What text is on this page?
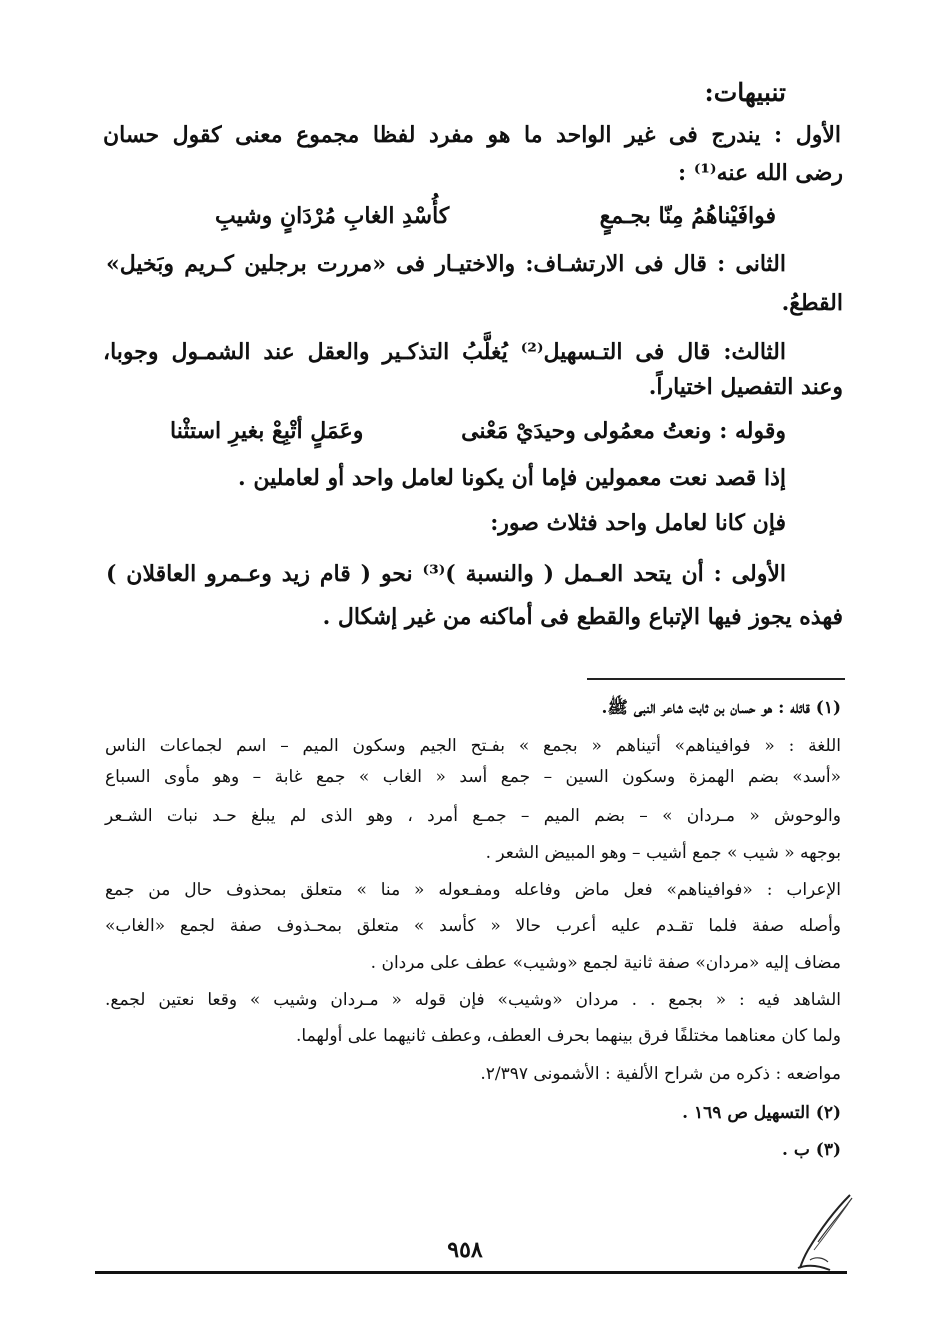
تنبيهات:
الأول : يندرج فى غير الواحد ما هو مفرد لفظا مجموع معنى كقول حسان
رضى الله عنه⁽¹⁾ :
فوافَيْناهُمُ مِنّا بجـمعٍ
كأُسْدِ الغابِ مُرْدَانٍ وشيبِ
الثانى : قال فى الارتشـاف: والاختيـار فى «مررت برجلين كـريم وبَخيل»
القطعُ.
الثالث: قال فى التـسهيل⁽²⁾ يُغلَّبُ التذكـير والعقل عند الشمـول وجوبا،
وعند التفصيل اختياراً.
وقوله : ونعتُ معمُولى وحيدَيْ مَعْنى
وعَمَلٍ أتْبِعْ بغيرِ استثْنا
إذا قصد نعت معمولين فإما أن يكونا لعامل واحد أو لعاملين .
فإن كانا لعامل واحد فثلاث صور:
الأولى : أن يتحد العـمل ( والنسبة )⁽³⁾ نحو ( قام زيد وعـمرو العاقلان )
فهذه يجوز فيها الإتباع والقطع فى أماكنه من غير إشكال .
(١) قائله : هو حسان بن ثابت شاعر النبى ﷺ.
اللغة : « فوافيناهم» أتيناهم « بجمع » بفـتح الجيم وسكون الميم – اسم لجماعات الناس
«أسد» بضم الهمزة وسكون السين – جمع أسد « الغاب » جمع غابة – وهو مأوى السباع
والوحوش « مـردان » – بضم الميم – جمـع أمرد ، وهو الذى لم يبلغ حـد نبات الشـعر
بوجهه « شيب » جمع أشيب – وهو المبيض الشعر .
الإعراب : «فوافيناهم» فعل ماض وفاعله ومفـعوله « منا » متعلق بمحذوف حال من جمع
وأصله صفة فلما تقـدم عليه أعرب حالا « كأسد » متعلق بمحـذوف صفة لجمع «الغاب»
مضاف إليه «مردان» صفة ثانية لجمع «وشيب» عطف على مردان .
الشاهد فيه : « بجمع . . مردان «وشيب» فإن قوله « مـردان وشيب » وقعا نعتين لجمع.
ولما كان معناهما مختلفًا فرق بينهما بحرف العطف، وعطف ثانيهما على أولهما.
مواضعه : ذكره من شراح الألفية : الأشمونى ٢/٣٩٧.
(٢) التسهيل ص ١٦٩ .
(٣) ب .
٩٥٨
